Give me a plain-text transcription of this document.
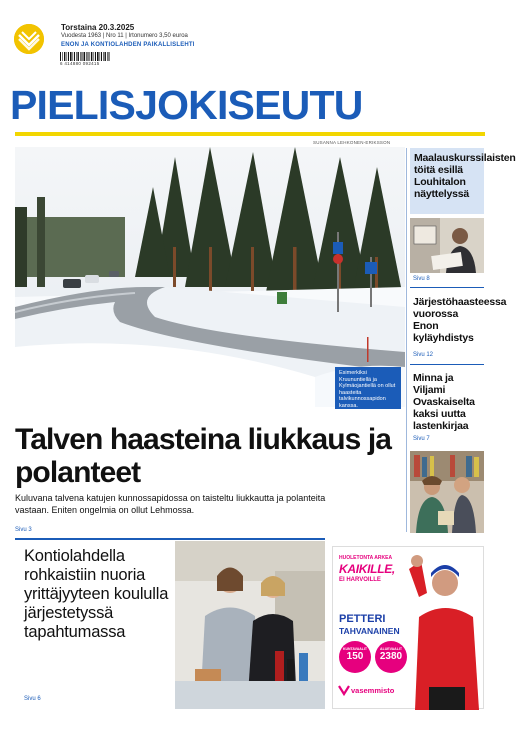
Torstaina 20.3.2025
Vuodesta 1963 | Nro 11 | Irtonumero 3,50 euroa
ENON JA KONTIOLAHDEN PAIKALLISLEHTI
6 414880 092415
PIELISJOKISEUTU
SUSANNA LEHKONEN-ERIKSSON
Esimerkiksi Kruununtiellä ja Kylmäojantiellä on ollut haasteita talvikunnossapidon kanssa.
Talven haasteina liukkaus ja polanteet
Kuluvana talvena katujen kunnossapidossa on taisteltu liukkautta ja polanteita vastaan. Eniten ongelmia on ollut Lehmossa.
Sivu 3
Maalauskurssilaisten töitä esillä Louhitalon näyttelyssä
Sivu 8
Järjestöhaasteessa vuorossa Enon kyläyhdistys
Sivu 12
Minna ja Viljami Ovaskaiselta kaksi uutta lastenkirjaa
Sivu 7
Kontiolahdella rohkaistiin nuoria yrittäjyyteen koululla järjestetyssä tapahtumassa
Sivu 6
HUOLETONTA ARKEA
KAIKILLE,
EI HARVOILLE
PETTERI
TAHVANAINEN
KUNTAVAALIT
150
ALUEVAALIT
2380
vasemmisto
